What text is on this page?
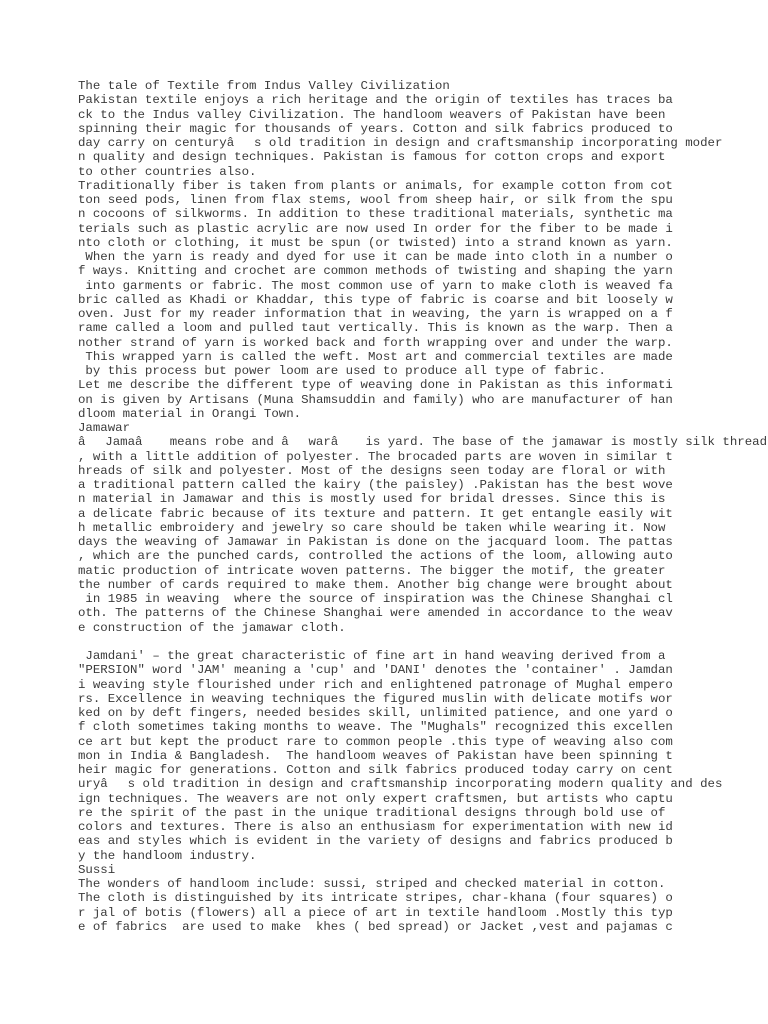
The tale of Textile from Indus Valley Civilization
Pakistan textile enjoys a rich heritage and the origin of textiles has traces ba
ck to the Indus valley Civilization. The handloom weavers of Pakistan have been
spinning their magic for thousands of years. Cotton and silk fabrics produced to
day carry on centuryâs old tradition in design and craftsmanship incorporating moder
n quality and design techniques. Pakistan is famous for cotton crops and export
to other countries also.
Traditionally fiber is taken from plants or animals, for example cotton from cot
ton seed pods, linen from flax stems, wool from sheep hair, or silk from the spu
n cocoons of silkworms. In addition to these traditional materials, synthetic ma
terials such as plastic acrylic are now used In order for the fiber to be made i
nto cloth or clothing, it must be spun (or twisted) into a strand known as yarn.
When the yarn is ready and dyed for use it can be made into cloth in a number o
f ways. Knitting and crochet are common methods of twisting and shaping the yarn
into garments or fabric. The most common use of yarn to make cloth is weaved fa
bric called as Khadi or Khaddar, this type of fabric is coarse and bit loosely w
oven. Just for my reader information that in weaving, the yarn is wrapped on a f
rame called a loom and pulled taut vertically. This is known as the warp. Then a
nother strand of yarn is worked back and forth wrapping over and under the warp.
This wrapped yarn is called the weft. Most art and commercial textiles are made
by this process but power loom are used to produce all type of fabric.
Let me describe the different type of weaving done in Pakistan as this informati
on is given by Artisans (Muna Shamsuddin and family) who are manufacturer of han
dloom material in Orangi Town.
Jamawar
âJamaâ means robe and âwarâ is yard. The base of the jamawar is mostly silk thread
, with a little addition of polyester. The brocaded parts are woven in similar t
hreads of silk and polyester. Most of the designs seen today are floral or with
a traditional pattern called the kairy (the paisley) .Pakistan has the best wove
n material in Jamawar and this is mostly used for bridal dresses. Since this is
a delicate fabric because of its texture and pattern. It get entangle easily wit
h metallic embroidery and jewelry so care should be taken while wearing it. Now
days the weaving of Jamawar in Pakistan is done on the jacquard loom. The pattas
, which are the punched cards, controlled the actions of the loom, allowing auto
matic production of intricate woven patterns. The bigger the motif, the greater
the number of cards required to make them. Another big change were brought about
in 1985 in weaving  where the source of inspiration was the Chinese Shanghai cl
oth. The patterns of the Chinese Shanghai were amended in accordance to the weav
e construction of the jamawar cloth.
Jamdani' – the great characteristic of fine art in hand weaving derived from a
"PERSION" word 'JAM' meaning a 'cup' and 'DANI' denotes the 'container' . Jamdan
i weaving style flourished under rich and enlightened patronage of Mughal empero
rs. Excellence in weaving techniques the figured muslin with delicate motifs wor
ked on by deft fingers, needed besides skill, unlimited patience, and one yard o
f cloth sometimes taking months to weave. The "Mughals" recognized this excellen
ce art but kept the product rare to common people .this type of weaving also com
mon in India & Bangladesh.  The handloom weaves of Pakistan have been spinning t
heir magic for generations. Cotton and silk fabrics produced today carry on cent
uryâs old tradition in design and craftsmanship incorporating modern quality and des
ign techniques. The weavers are not only expert craftsmen, but artists who captu
re the spirit of the past in the unique traditional designs through bold use of
colors and textures. There is also an enthusiasm for experimentation with new id
eas and styles which is evident in the variety of designs and fabrics produced b
y the handloom industry.
Sussi
The wonders of handloom include: sussi, striped and checked material in cotton.
The cloth is distinguished by its intricate stripes, char-khana (four squares) o
r jal of botis (flowers) all a piece of art in textile handloom .Mostly this typ
e of fabrics  are used to make  khes ( bed spread) or Jacket ,vest and pajamas c
